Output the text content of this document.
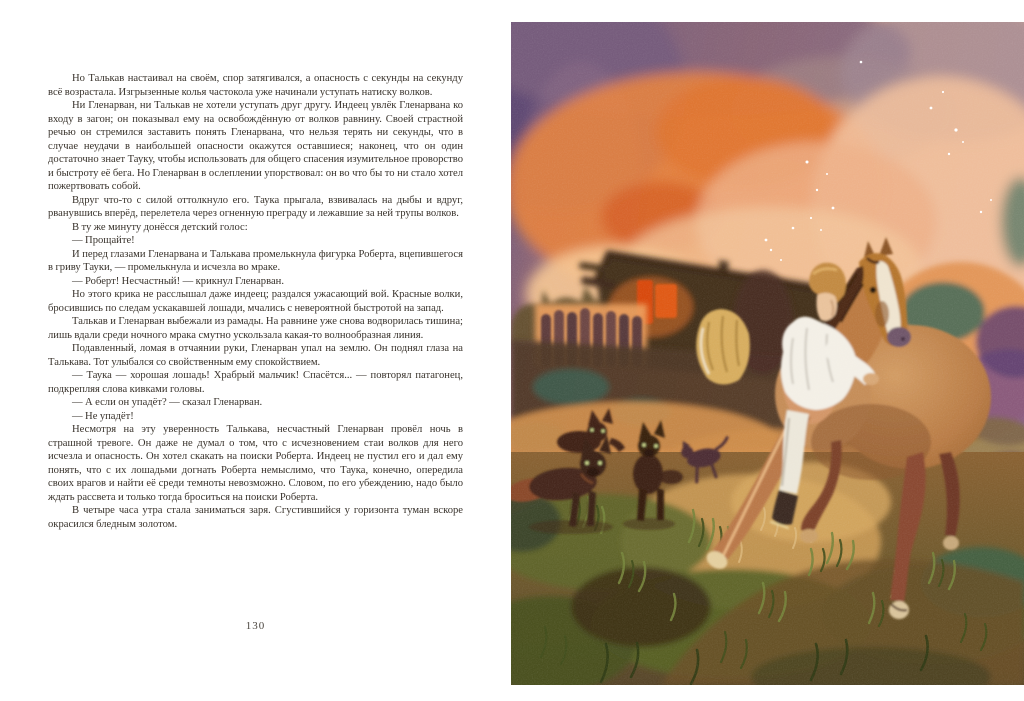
Но Талькав настаивал на своём, спор затягивался, а опасность с секунды на секунду всё возрастала. Изгрызенные колья частокола уже начинали уступать натиску волков.

Ни Гленарван, ни Талькав не хотели уступать друг другу. Индеец увлёк Гленарвана ко входу в загон; он показывал ему на освобождённую от волков равнину. Своей страстной речью он стремился заставить понять Гленарвана, что нельзя терять ни секунды, что в случае неудачи в наибольшей опасности окажутся оставшиеся; наконец, что он один достаточно знает Тауку, чтобы использовать для общего спасения изумительное проворство и быстроту её бега. Но Гленарван в ослеплении упорствовал: он во что бы то ни стало хотел пожертвовать собой.

Вдруг что-то с силой оттолкнуло его. Таука прыгала, взвивалась на дыбы и вдруг, рванувшись вперёд, перелетела через огненную преграду и лежавшие за ней трупы волков.

В ту же минуту донёсся детский голос:

— Прощайте!

И перед глазами Гленарвана и Талькава промелькнула фигурка Роберта, вцепившегося в гриву Тауки, — промелькнула и исчезла во мраке.

— Роберт! Несчастный! — крикнул Гленарван.

Но этого крика не расслышал даже индеец; раздался ужасающий вой. Красные волки, бросившись по следам ускакавшей лошади, мчались с невероятной быстротой на запад.

Талькав и Гленарван выбежали из рамады. На равнине уже снова водворилась тишина; лишь вдали среди ночного мрака смутно ускользала какая-то волнообразная линия.

Подавленный, ломая в отчаянии руки, Гленарван упал на землю. Он поднял глаза на Талькава. Тот улыбался со свойственным ему спокойствием.

— Таука — хорошая лошадь! Храбрый мальчик! Спасётся... — повторял патагонец, подкрепляя слова кивками головы.

— А если он упадёт? — сказал Гленарван.

— Не упадёт!

Несмотря на эту уверенность Талькава, несчастный Гленарван провёл ночь в страшной тревоге. Он даже не думал о том, что с исчезновением стаи волков для него исчезла и опасность. Он хотел скакать на поиски Роберта. Индеец не пустил его и дал ему понять, что с их лошадьми догнать Роберта немыслимо, что Таука, конечно, опередила своих врагов и найти её среди темноты невозможно. Словом, по его убеждению, надо было ждать рассвета и только тогда броситься на поиски Роберта.

В четыре часа утра стала заниматься заря. Сгустившийся у горизонта туман вскоре окрасился бледным золотом.

130
